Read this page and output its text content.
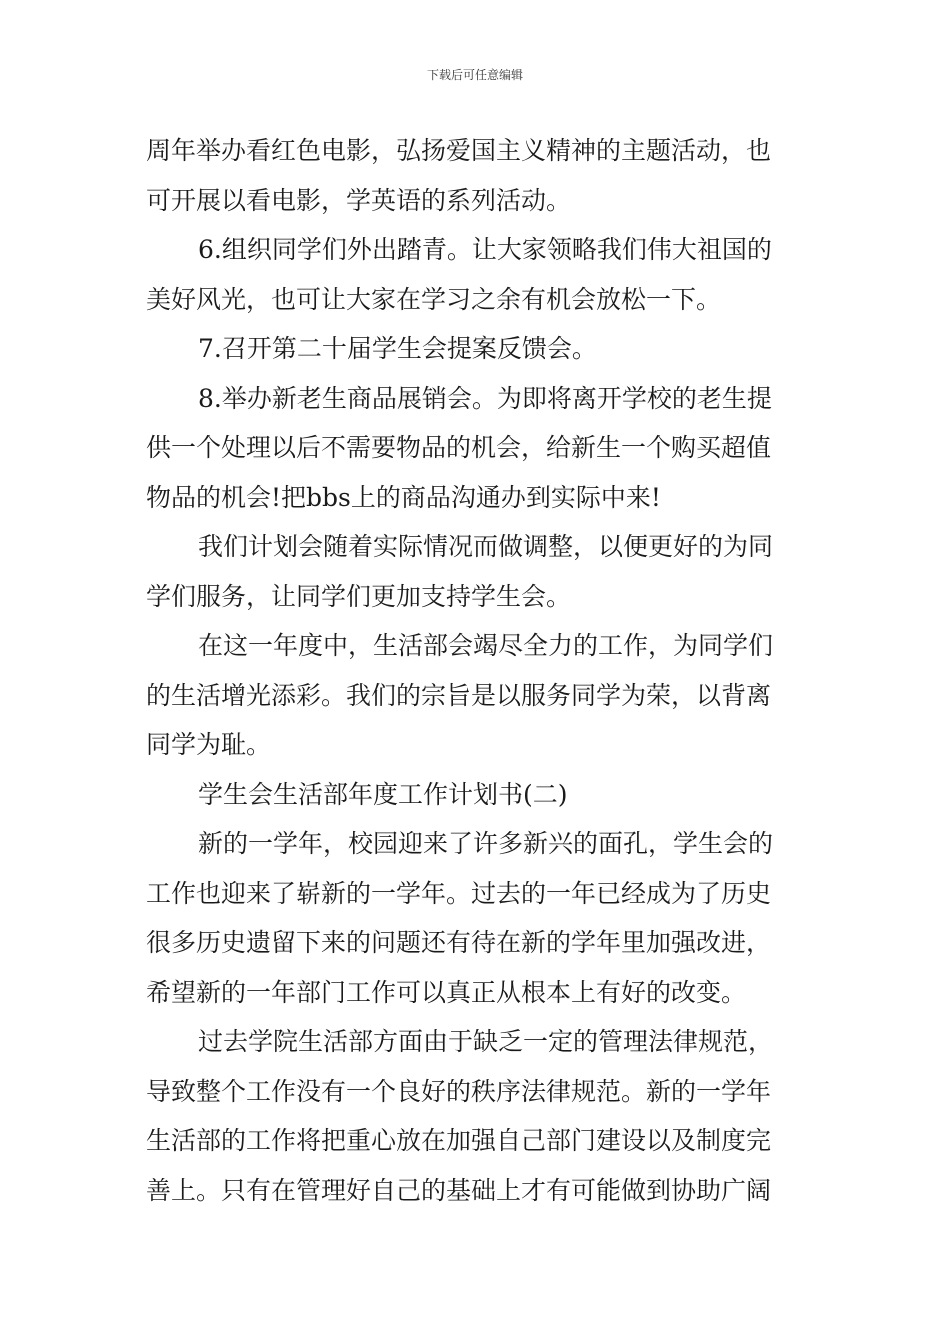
下载后可任意编辑
周年举办看红色电影，弘扬爱国主义精神的主题活动，也
可开展以看电影，学英语的系列活动。
6.组织同学们外出踏青。让大家领略我们伟大祖国的
美好风光，也可让大家在学习之余有机会放松一下。
7.召开第二十届学生会提案反馈会。
8.举办新老生商品展销会。为即将离开学校的老生提
供一个处理以后不需要物品的机会，给新生一个购买超值
物品的机会!把bbs上的商品沟通办到实际中来!
我们计划会随着实际情况而做调整，以便更好的为同
学们服务，让同学们更加支持学生会。
在这一年度中，生活部会竭尽全力的工作，为同学们
的生活增光添彩。我们的宗旨是以服务同学为荣，以背离
同学为耻。
学生会生活部年度工作计划书(二)
新的一学年，校园迎来了许多新兴的面孔，学生会的
工作也迎来了崭新的一学年。过去的一年已经成为了历史
很多历史遗留下来的问题还有待在新的学年里加强改进，
希望新的一年部门工作可以真正从根本上有好的改变。
过去学院生活部方面由于缺乏一定的管理法律规范，
导致整个工作没有一个良好的秩序法律规范。新的一学年
生活部的工作将把重心放在加强自己部门建设以及制度完
善上。只有在管理好自己的基础上才有可能做到协助广阔
